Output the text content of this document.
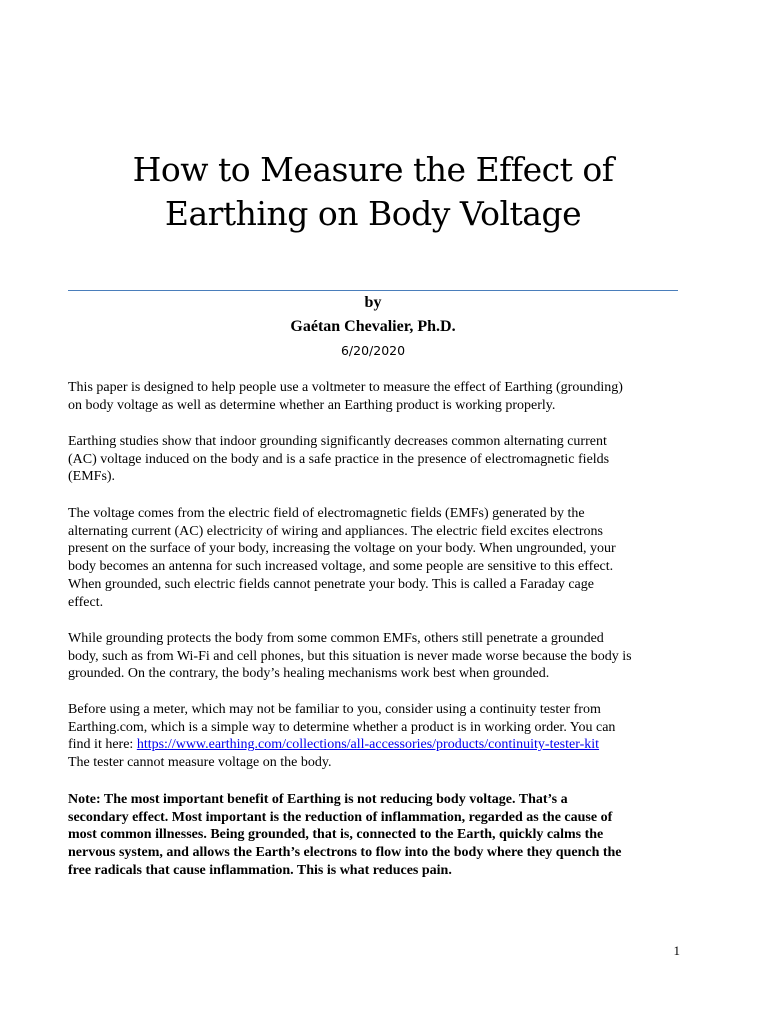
How to Measure the Effect of
Earthing on Body Voltage
by
Gaétan Chevalier, Ph.D.
6/20/2020

This paper is designed to help people use a voltmeter to measure the effect of Earthing (grounding)
on body voltage as well as determine whether an Earthing product is working properly.

Earthing studies show that indoor grounding significantly decreases common alternating current
(AC) voltage induced on the body and is a safe practice in the presence of electromagnetic fields
(EMFs).

The voltage comes from the electric field of electromagnetic fields (EMFs) generated by the
alternating current (AC) electricity of wiring and appliances. The electric field excites electrons
present on the surface of your body, increasing the voltage on your body. When ungrounded, your
body becomes an antenna for such increased voltage, and some people are sensitive to this effect.
When grounded, such electric fields cannot penetrate your body. This is called a Faraday cage
effect.

While grounding protects the body from some common EMFs, others still penetrate a grounded
body, such as from Wi-Fi and cell phones, but this situation is never made worse because the body is
grounded. On the contrary, the body’s healing mechanisms work best when grounded.

Before using a meter, which may not be familiar to you, consider using a continuity tester from
Earthing.com, which is a simple way to determine whether a product is in working order. You can
find it here: https://www.earthing.com/collections/all-accessories/products/continuity-tester-kit
The tester cannot measure voltage on the body.

Note: The most important benefit of Earthing is not reducing body voltage. That’s a
secondary effect. Most important is the reduction of inflammation, regarded as the cause of
most common illnesses. Being grounded, that is, connected to the Earth, quickly calms the
nervous system, and allows the Earth’s electrons to flow into the body where they quench the
free radicals that cause inflammation. This is what reduces pain.

1
